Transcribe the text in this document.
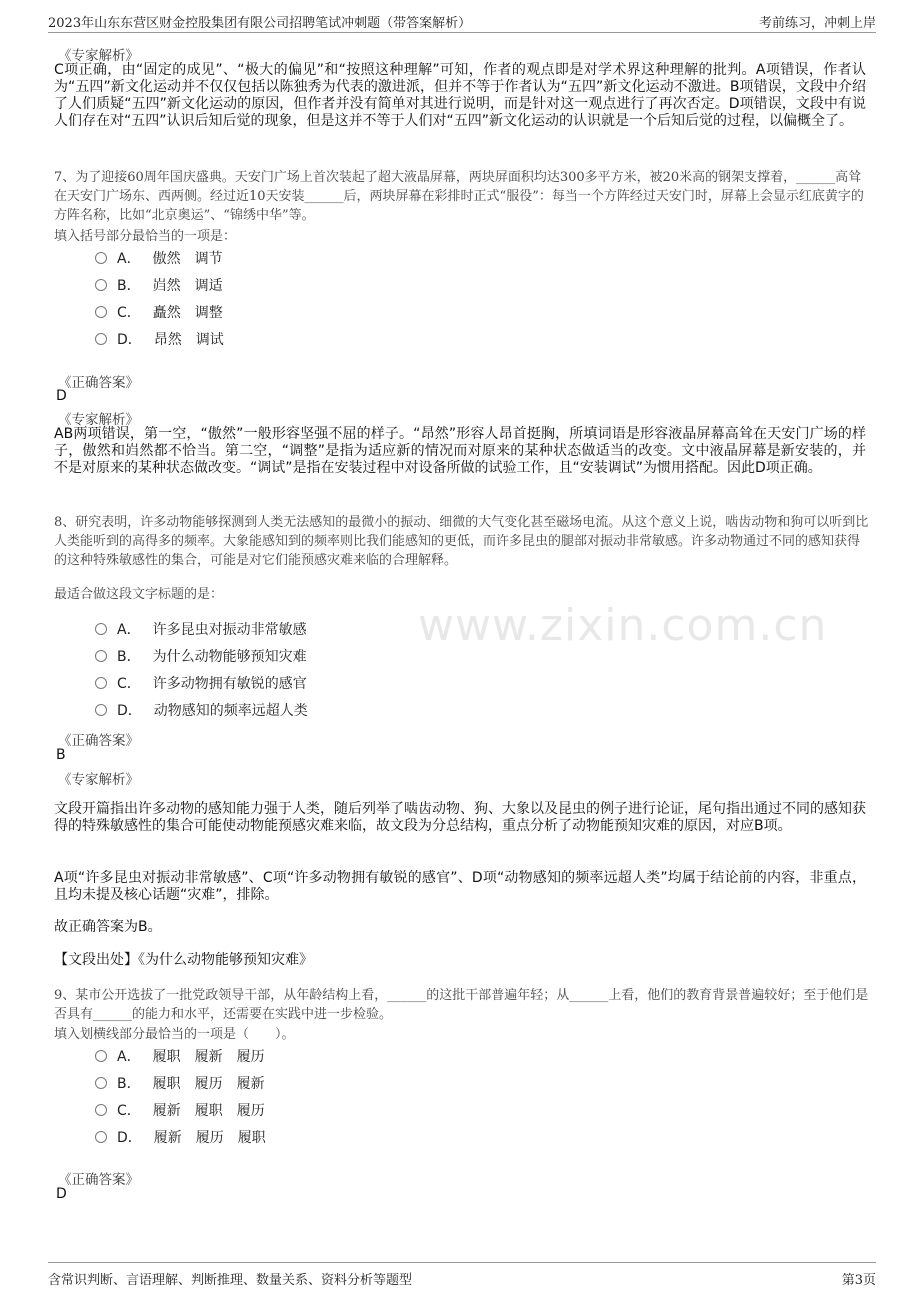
2023年山东东营区财金控股集团有限公司招聘笔试冲刺题（带答案解析）	考前练习，冲刺上岸
www.zixin.com.cn
《专家解析》
C项正确，由“固定的成见”、“极大的偏见”和“按照这种理解”可知，作者的观点即是对学术界这种理解的批判。A项错误，作者认为“五四”新文化运动并不仅仅包括以陈独秀为代表的激进派，但并不等于作者认为“五四”新文化运动不激进。B项错误，文段中介绍了人们质疑“五四”新文化运动的原因，但作者并没有简单对其进行说明，而是针对这一观点进行了再次否定。D项错误，文段中有说人们存在对“五四”认识后知后觉的现象，但是这并不等于人们对“五四”新文化运动的认识就是一个后知后觉的过程，以偏概全了。
7、为了迎接60周年国庆盛典。天安门广场上首次装起了超大液晶屏幕，两块屏面积均达300多平方米，被20米高的钢架支撑着，______高耸在天安门广场东、西两侧。经过近10天安装______后，两块屏幕在彩排时正式“服役”：每当一个方阵经过天安门时，屏幕上会显示红底黄字的方阵名称，比如“北京奥运”、“锦绣中华”等。
填入括号部分最恰当的一项是：
A． 傲然　调节
B． 岿然　调适
C． 矗然　调整
D． 昂然　调试
《正确答案》
D
《专家解析》
AB两项错误，第一空，“傲然”一般形容坚强不屈的样子。“昂然”形容人昂首挺胸，所填词语是形容液晶屏幕高耸在天安门广场的样子，傲然和岿然都不恰当。第二空，“调整”是指为适应新的情况而对原来的某种状态做适当的改变。文中液晶屏幕是新安装的，并不是对原来的某种状态做改变。“调试”是指在安装过程中对设备所做的试验工作，且“安装调试”为惯用搭配。因此D项正确。
8、研究表明，许多动物能够探测到人类无法感知的最微小的振动、细微的大气变化甚至磁场电流。从这个意义上说，啮齿动物和狗可以听到比人类能听到的高得多的频率。大象能感知到的频率则比我们能感知的更低，而许多昆虫的腿部对振动非常敏感。许多动物通过不同的感知获得的这种特殊敏感性的集合，可能是对它们能预感灾难来临的合理解释。
最适合做这段文字标题的是：
A． 许多昆虫对振动非常敏感
B． 为什么动物能够预知灾难
C． 许多动物拥有敏锐的感官
D． 动物感知的频率远超人类
《正确答案》
B
《专家解析》
文段开篇指出许多动物的感知能力强于人类，随后列举了啮齿动物、狗、大象以及昆虫的例子进行论证，尾句指出通过不同的感知获得的特殊敏感性的集合可能使动物能预感灾难来临，故文段为分总结构，重点分析了动物能预知灾难的原因，对应B项。
A项“许多昆虫对振动非常敏感”、C项“许多动物拥有敏锐的感官”、D项“动物感知的频率远超人类”均属于结论前的内容，非重点，且均未提及核心话题“灾难”，排除。
故正确答案为B。
【文段出处】《为什么动物能够预知灾难》
9、某市公开选拔了一批党政领导干部，从年龄结构上看，______的这批干部普遍年轻；从______上看，他们的教育背景普遍较好；至于他们是否具有______的能力和水平，还需要在实践中进一步检验。
填入划横线部分最恰当的一项是（　　）。
A． 履职　履新　履历
B． 履职　履历　履新
C． 履新　履职　履历
D． 履新　履历　履职
《正确答案》
D
含常识判断、言语理解、判断推理、数量关系、资料分析等题型	第3页
